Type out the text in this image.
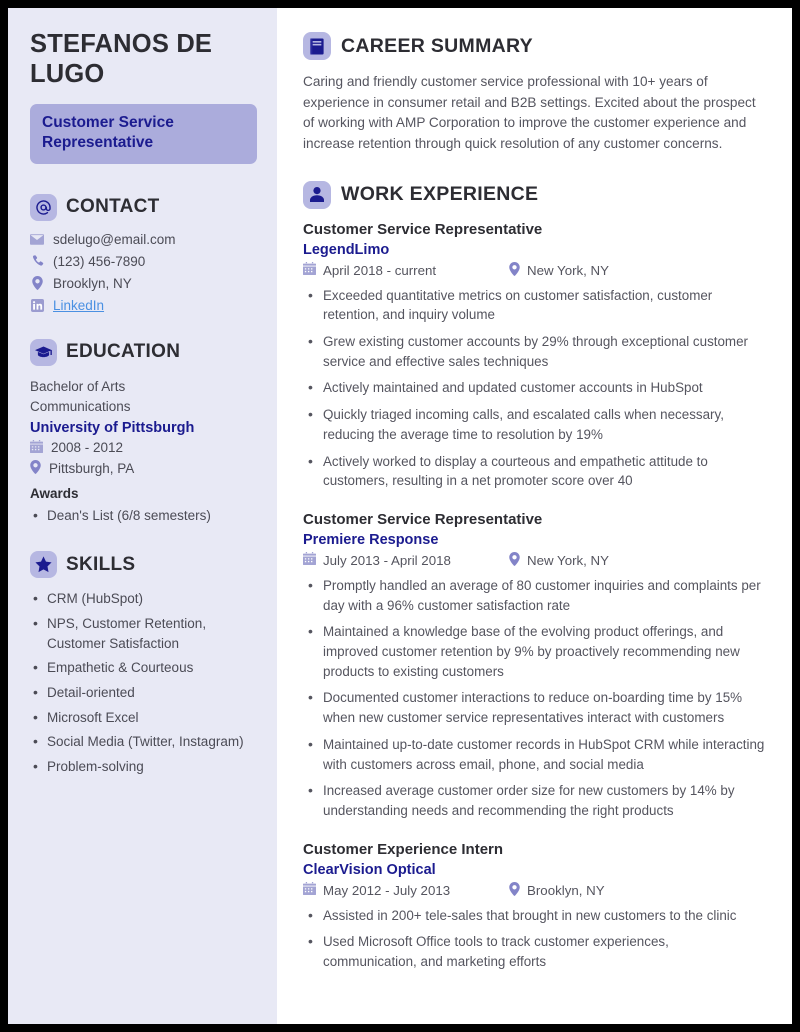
STEFANOS DE LUGO
Customer Service Representative
CONTACT
sdelugo@email.com
(123) 456-7890
Brooklyn, NY
LinkedIn
EDUCATION
Bachelor of Arts
Communications
University of Pittsburgh
2008 - 2012
Pittsburgh, PA
Awards
• Dean's List (6/8 semesters)
SKILLS
• CRM (HubSpot)
• NPS, Customer Retention, Customer Satisfaction
• Empathetic & Courteous
• Detail-oriented
• Microsoft Excel
• Social Media (Twitter, Instagram)
• Problem-solving
CAREER SUMMARY

Caring and friendly customer service professional with 10+ years of experience in consumer retail and B2B settings. Excited about the prospect of working with AMP Corporation to improve the customer experience and increase retention through quick resolution of any customer concerns.

WORK EXPERIENCE
Customer Service Representative
LegendLimo
April 2018 - current	New York, NY
• Exceeded quantitative metrics on customer satisfaction, customer retention, and inquiry volume
• Grew existing customer accounts by 29% through exceptional customer service and effective sales techniques
• Actively maintained and updated customer accounts in HubSpot
• Quickly triaged incoming calls, and escalated calls when necessary, reducing the average time to resolution by 19%
• Actively worked to display a courteous and empathetic attitude to customers, resulting in a net promoter score over 40
Customer Service Representative
Premiere Response
July 2013 - April 2018	New York, NY
• Promptly handled an average of 80 customer inquiries and complaints per day with a 96% customer satisfaction rate
• Maintained a knowledge base of the evolving product offerings, and improved customer retention by 9% by proactively recommending new products to existing customers
• Documented customer interactions to reduce on-boarding time by 15% when new customer service representatives interact with customers
• Maintained up-to-date customer records in HubSpot CRM while interacting with customers across email, phone, and social media
• Increased average customer order size for new customers by 14% by understanding needs and recommending the right products
Customer Experience Intern
ClearVision Optical
May 2012 - July 2013	Brooklyn, NY
• Assisted in 200+ tele-sales that brought in new customers to the clinic
• Used Microsoft Office tools to track customer experiences, communication, and marketing efforts
